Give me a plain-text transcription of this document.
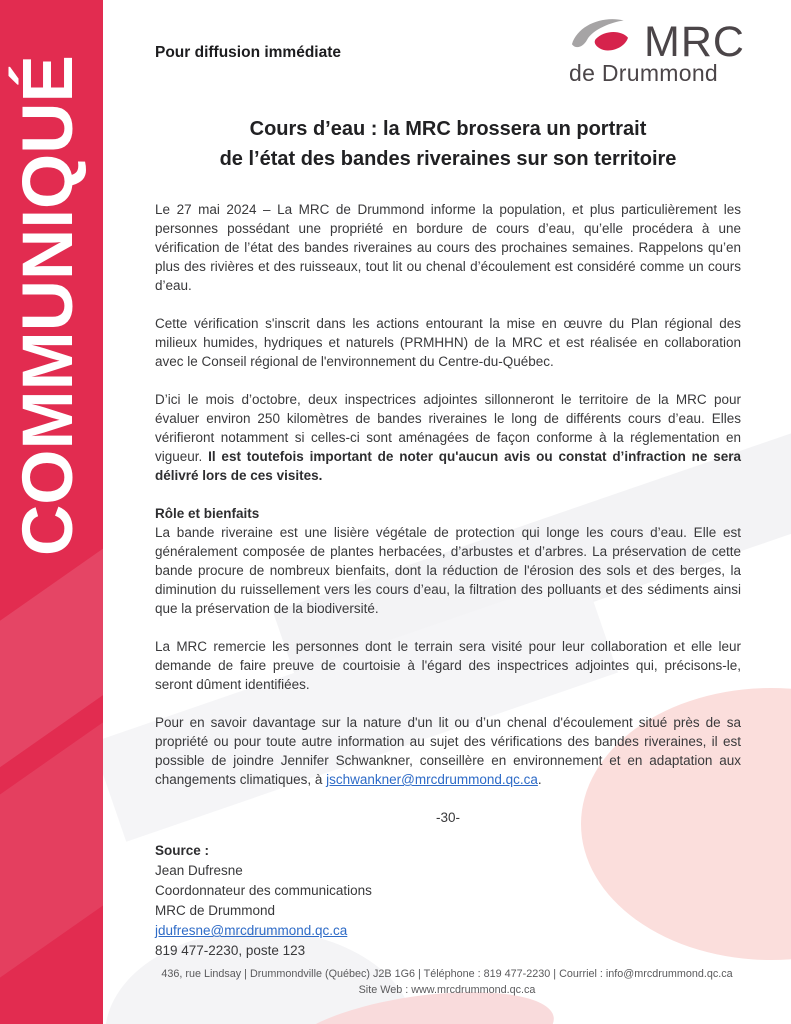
COMMUNIQUÉ
Pour diffusion immédiate	MRC
de Drummond
Cours d’eau : la MRC brossera un portrait
de l’état des bandes riveraines sur son territoire

Le 27 mai 2024 – La MRC de Drummond informe la population, et plus particulièrement les personnes possédant une propriété en bordure de cours d’eau, qu’elle procédera à une vérification de l’état des bandes riveraines au cours des prochaines semaines. Rappelons qu’en plus des rivières et des ruisseaux, tout lit ou chenal d’écoulement est considéré comme un cours d’eau.

Cette vérification s'inscrit dans les actions entourant la mise en œuvre du Plan régional des milieux humides, hydriques et naturels (PRMHHN) de la MRC et est réalisée en collaboration avec le Conseil régional de l'environnement du Centre-du-Québec.

D’ici le mois d’octobre, deux inspectrices adjointes sillonneront le territoire de la MRC pour évaluer environ 250 kilomètres de bandes riveraines le long de différents cours d’eau. Elles vérifieront notamment si celles-ci sont aménagées de façon conforme à la réglementation en vigueur. Il est toutefois important de noter qu'aucun avis ou constat d’infraction ne sera délivré lors de ces visites.

Rôle et bienfaits

La bande riveraine est une lisière végétale de protection qui longe les cours d’eau. Elle est généralement composée de plantes herbacées, d’arbustes et d’arbres. La préservation de cette bande procure de nombreux bienfaits, dont la réduction de l'érosion des sols et des berges, la diminution du ruissellement vers les cours d’eau, la filtration des polluants et des sédiments ainsi que la préservation de la biodiversité.

La MRC remercie les personnes dont le terrain sera visité pour leur collaboration et elle leur demande de faire preuve de courtoisie à l'égard des inspectrices adjointes qui, précisons-le, seront dûment identifiées.

Pour en savoir davantage sur la nature d'un lit ou d’un chenal d'écoulement situé près de sa propriété ou pour toute autre information au sujet des vérifications des bandes riveraines, il est possible de joindre Jennifer Schwankner, conseillère en environnement et en adaptation aux changements climatiques, à jschwankner@mrcdrummond.qc.ca.

-30-

Source :
Jean Dufresne
Coordonnateur des communications
MRC de Drummond
jdufresne@mrcdrummond.qc.ca
819 477-2230, poste 123
436, rue Lindsay | Drummondville (Québec) J2B 1G6 | Téléphone : 819 477-2230 | Courriel : info@mrcdrummond.qc.ca
Site Web : www.mrcdrummond.qc.ca
